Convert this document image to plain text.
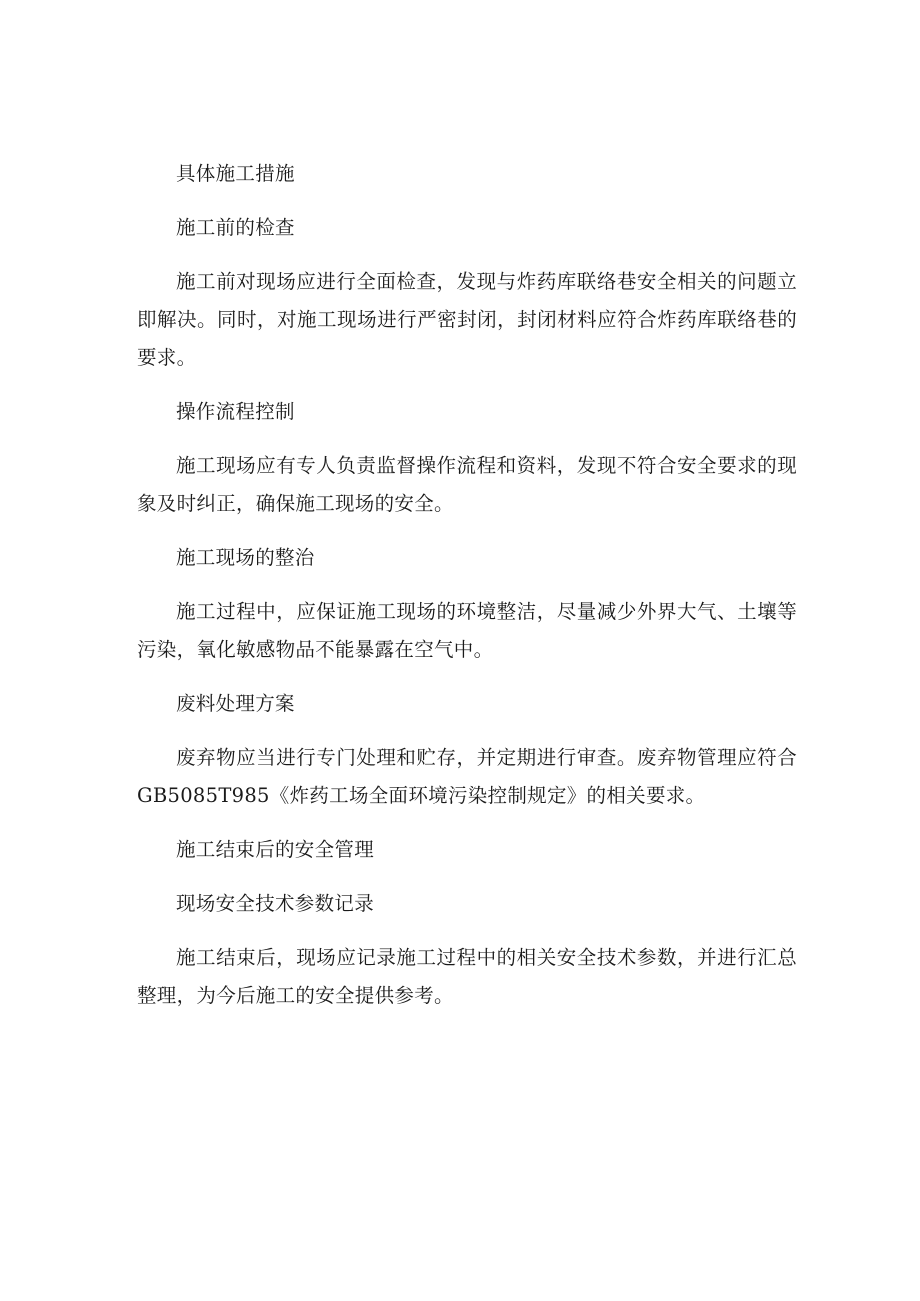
具体施工措施
施工前的检查
施工前对现场应进行全面检查，发现与炸药库联络巷安全相关的问题立即解决。同时，对施工现场进行严密封闭，封闭材料应符合炸药库联络巷的要求。
操作流程控制
施工现场应有专人负责监督操作流程和资料，发现不符合安全要求的现象及时纠正，确保施工现场的安全。
施工现场的整治
施工过程中，应保证施工现场的环境整洁，尽量减少外界大气、土壤等污染，氧化敏感物品不能暴露在空气中。
废料处理方案
废弃物应当进行专门处理和贮存，并定期进行审查。废弃物管理应符合GB5085T985《炸药工场全面环境污染控制规定》的相关要求。
施工结束后的安全管理
现场安全技术参数记录
施工结束后，现场应记录施工过程中的相关安全技术参数，并进行汇总整理，为今后施工的安全提供参考。
